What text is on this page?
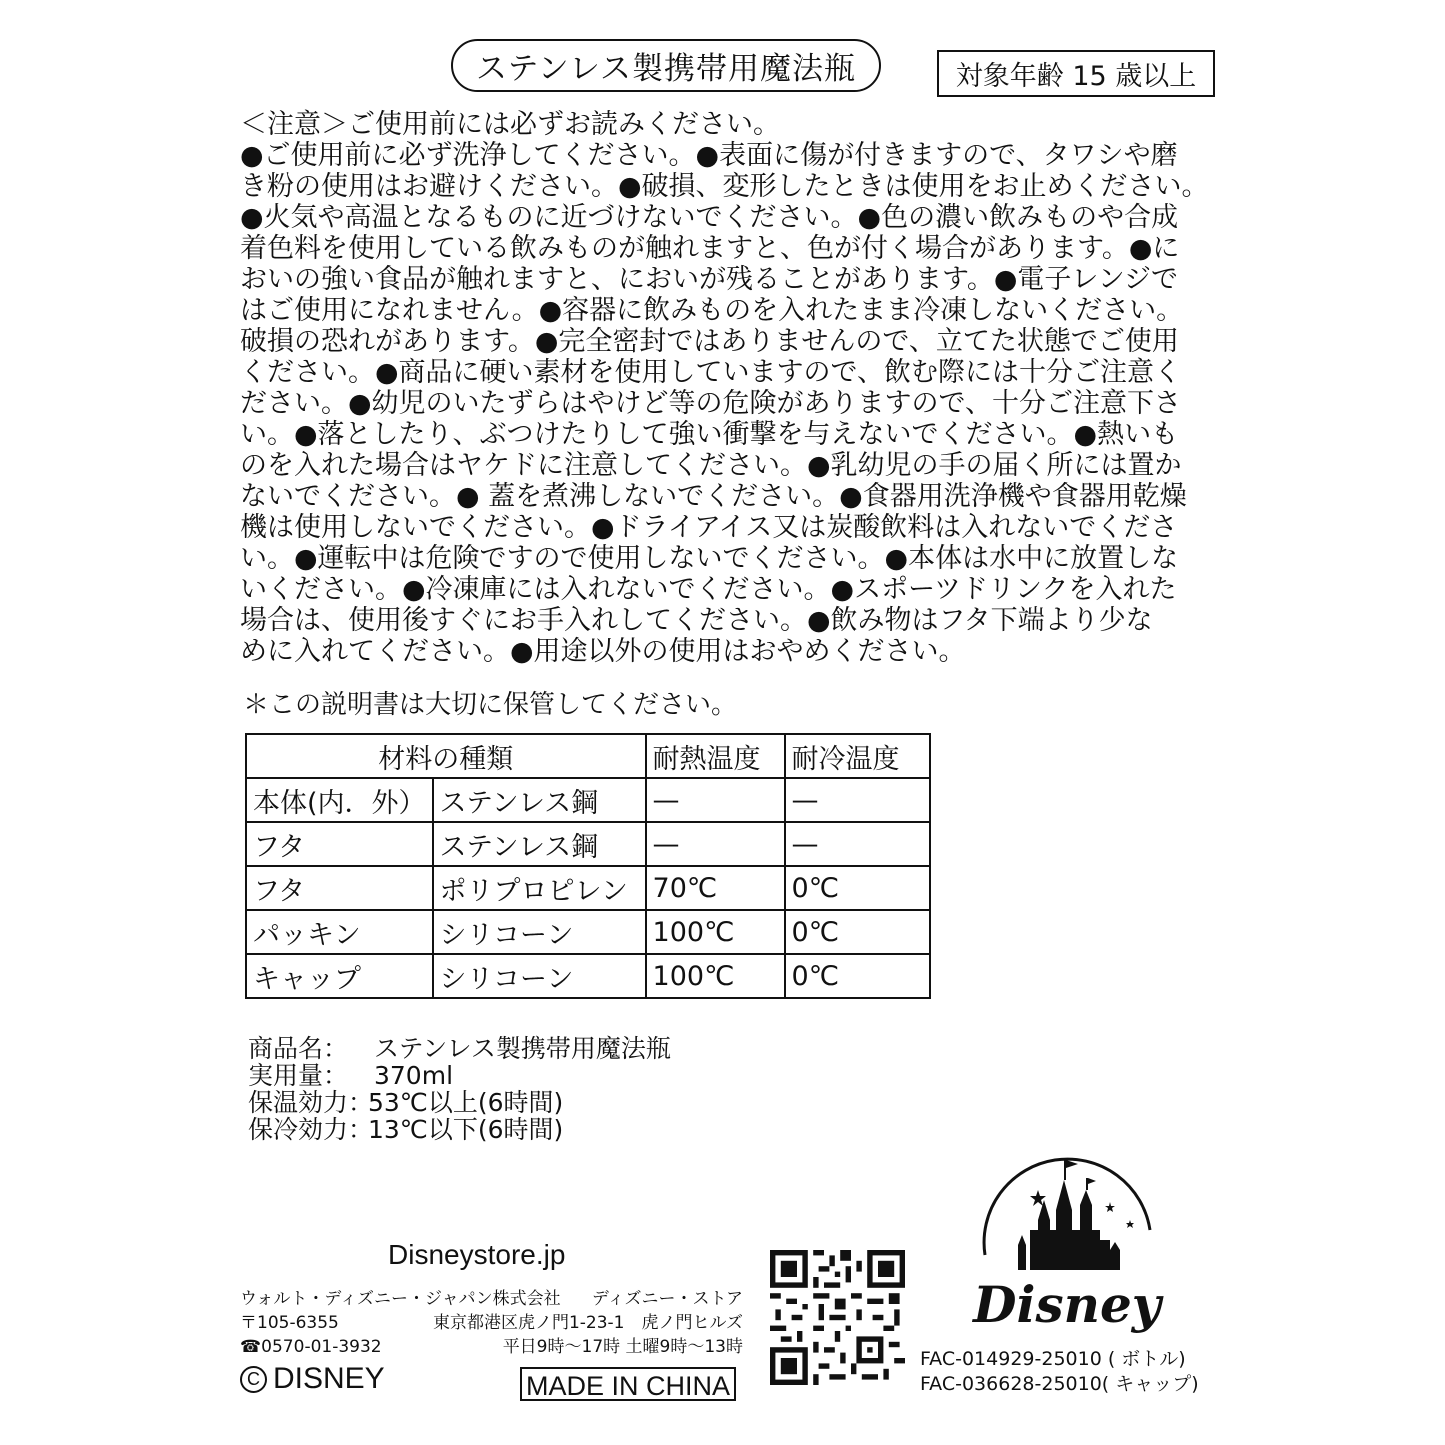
ステンレス製携帯用魔法瓶	対象年齢 15 歳以上
＜注意＞ご使用前には必ずお読みください。
●ご使用前に必ず洗浄してください。●表面に傷が付きますので、タワシや磨
き粉の使用はお避けください。●破損、変形したときは使用をお止めください。
●火気や高温となるものに近づけないでください。●色の濃い飲みものや合成
着色料を使用している飲みものが触れますと、色が付く場合があります。●に
おいの強い食品が触れますと、においが残ることがあります。●電子レンジで
はご使用になれません。●容器に飲みものを入れたまま冷凍しないください。
破損の恐れがあります。●完全密封ではありませんので、立てた状態でご使用
ください。●商品に硬い素材を使用していますので、飲む際には十分ご注意く
ださい。●幼児のいたずらはやけど等の危険がありますので、十分ご注意下さ
い。●落としたり、ぶつけたりして強い衝撃を与えないでください。●熱いも
のを入れた場合はヤケドに注意してください。●乳幼児の手の届く所には置か
ないでください。● 蓋を煮沸しないでください。●食器用洗浄機や食器用乾燥
機は使用しないでください。●ドライアイス又は炭酸飲料は入れないでくださ
い。●運転中は危険ですので使用しないでください。●本体は水中に放置しな
いください。●冷凍庫には入れないでください。●スポーツドリンクを入れた
場合は、使用後すぐにお手入れしてください。●飲み物はフタ下端より少な
めに入れてください。●用途以外の使用はおやめください。
＊この説明書は大切に保管してください。
材料の種類		耐熱温度	耐冷温度
本体(内．外）	ステンレス鋼	—	—
フタ	ステンレス鋼	—	—
フタ	ポリプロピレン	70℃	0℃
パッキン	シリコーン	100℃	0℃
キャップ	シリコーン	100℃	0℃
商品名：	ステンレス製携帯用魔法瓶
実用量：	370ml
保温効力：
53℃以上(6時間)
保冷効力：
13℃以下(6時間)
Disneystore.jp
ウォルト・ディズニー・ジャパン株式会社 ディズニー・ストア
〒105-6355	東京都港区虎ノ門1-23-1　虎ノ門ヒルズ
☎0570-01-3932	平日9時～17時 土曜9時～13時
C DISNEY	MADE IN CHINA
Disney
FAC-014929-25010 ( ボトル)
FAC-036628-25010( キャップ)
